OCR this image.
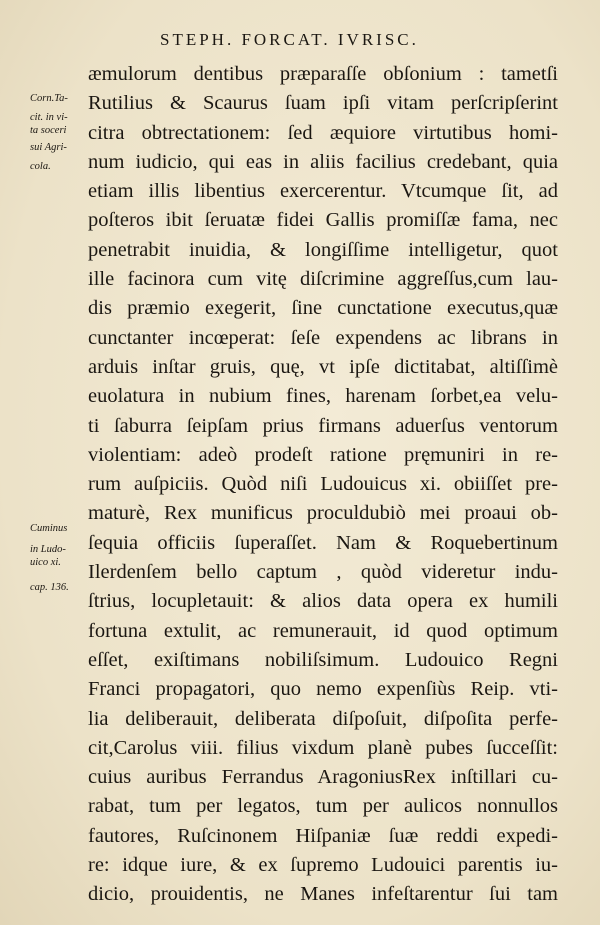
STEPH. FORCAT. IVRISC.
Corn.Ta-
cit. in vi-
ta soceri
sui Agri-
cola.
Cuminus
in Ludo-
uico xi.
cap. 136.
æmulorum dentibus præparaſſe obſonium : tametſi
Rutilius & Scaurus ſuam ipſi vitam perſcripſerint
citra obtrectationem: ſed æquiore virtutibus homi-
num iudicio, qui eas in aliis facilius credebant, quia
etiam illis libentius exercerentur. Vtcumque ſit, ad
poſteros ibit ſeruatæ fidei Gallis promiſſæ fama, nec
penetrabit inuidia, & longiſſime intelligetur, quot
ille facinora cum vitę diſcrimine aggreſſus,cum lau-
dis præmio exegerit, ſine cunctatione executus,quæ
cunctanter incœperat: ſeſe expendens ac librans in
arduis inſtar gruis, quę, vt ipſe dictitabat, altiſſimè
euolatura in nubium fines, harenam ſorbet,ea velu-
ti ſaburra ſeipſam prius firmans aduerſus ventorum
violentiam: adeò prodeſt ratione pręmuniri in re-
rum auſpiciis. Quòd niſi Ludouicus xi. obiiſſet pre-
maturè, Rex munificus proculdubiò mei proaui ob-
ſequia officiis ſuperaſſet. Nam & Roquebertinum
Ilerdenſem bello captum , quòd videretur indu-
ſtrius, locupletauit: & alios data opera ex humili
fortuna extulit, ac remunerauit, id quod optimum
eſſet, exiſtimans nobiliſsimum. Ludouico Regni
Franci propagatori, quo nemo expenſiùs Reip. vti-
lia deliberauit, deliberata diſpoſuit, diſpoſita perfe-
cit,Carolus viii. filius vixdum planè pubes ſucceſſit:
cuius auribus Ferrandus AragoniusRex inſtillari cu-
rabat, tum per legatos, tum per aulicos nonnullos
fautores, Ruſcinonem Hiſpaniæ ſuæ reddi expedi-
re: idque iure, & ex ſupremo Ludouici parentis iu-
dicio, prouidentis, ne Manes infeſtarentur ſui tam
